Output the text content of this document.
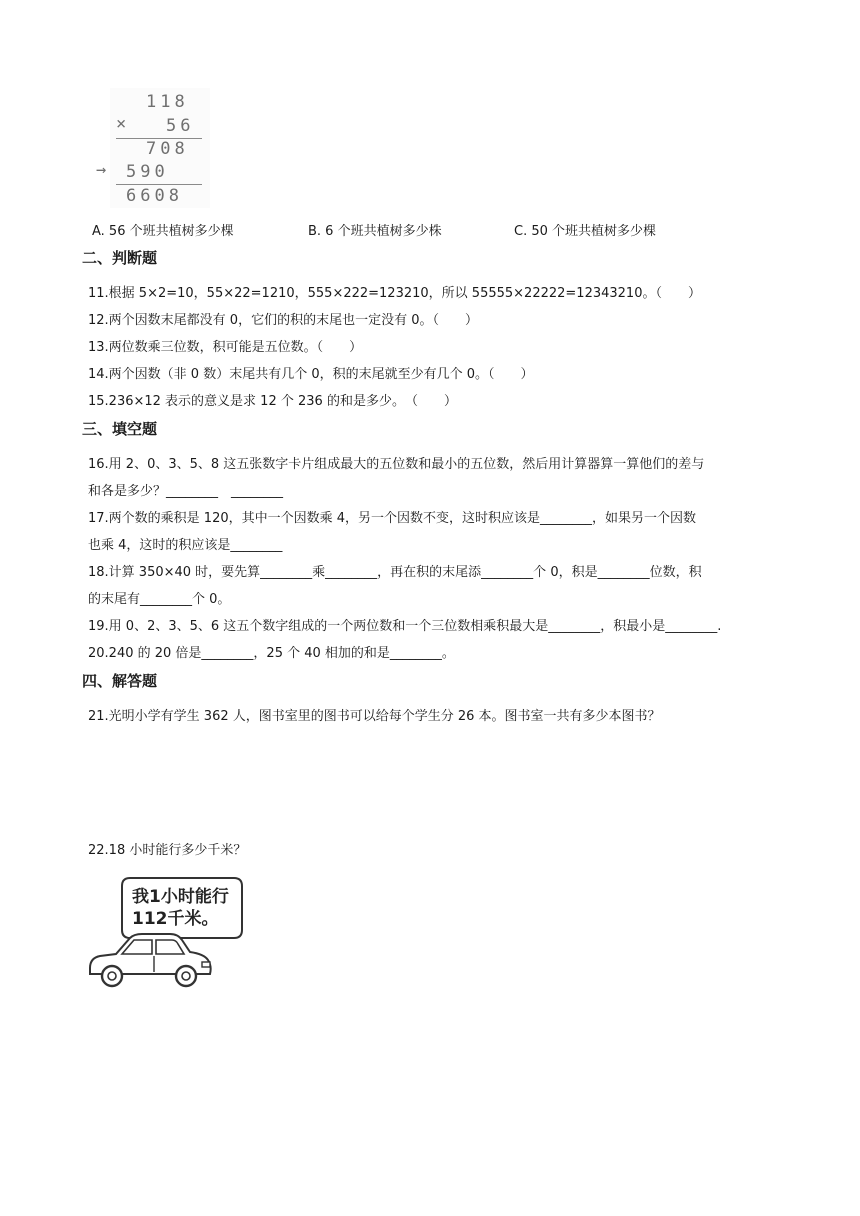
118
× 56
708
→ 590
6608
A. 56 个班共植树多少棵	B. 6 个班共植树多少株	C. 50 个班共植树多少棵
二、判断题
11.根据 5×2=10，55×22=1210，555×222=123210，所以 55555×22222=12343210。（　　）
12.两个因数末尾都没有 0，它们的积的末尾也一定没有 0。（　　）
13.两位数乘三位数，积可能是五位数。（　　）
14.两个因数（非 0 数）末尾共有几个 0，积的末尾就至少有几个 0。（　　）
15.236×12 表示的意义是求 12 个 236 的和是多少。　（　　）
三、填空题
16.用 2、0、3、5、8 这五张数字卡片组成最大的五位数和最小的五位数，然后用计算器算一算他们的差与
和各是多少？________　________
17.两个数的乘积是 120，其中一个因数乘 4，另一个因数不变，这时积应该是________，如果另一个因数
也乘 4，这时的积应该是________
18.计算 350×40 时，要先算________乘________，再在积的末尾添________个 0，积是________位数，积
的末尾有________个 0。
19.用 0、2、3、5、6 这五个数字组成的一个两位数和一个三位数相乘积最大是________，积最小是________.
20.240 的 20 倍是________，25 个 40 相加的和是________。
四、解答题
21.光明小学有学生 362 人，图书室里的图书可以给每个学生分 26 本。图书室一共有多少本图书？
22.18 小时能行多少千米？
我1小时能行
112千米。
